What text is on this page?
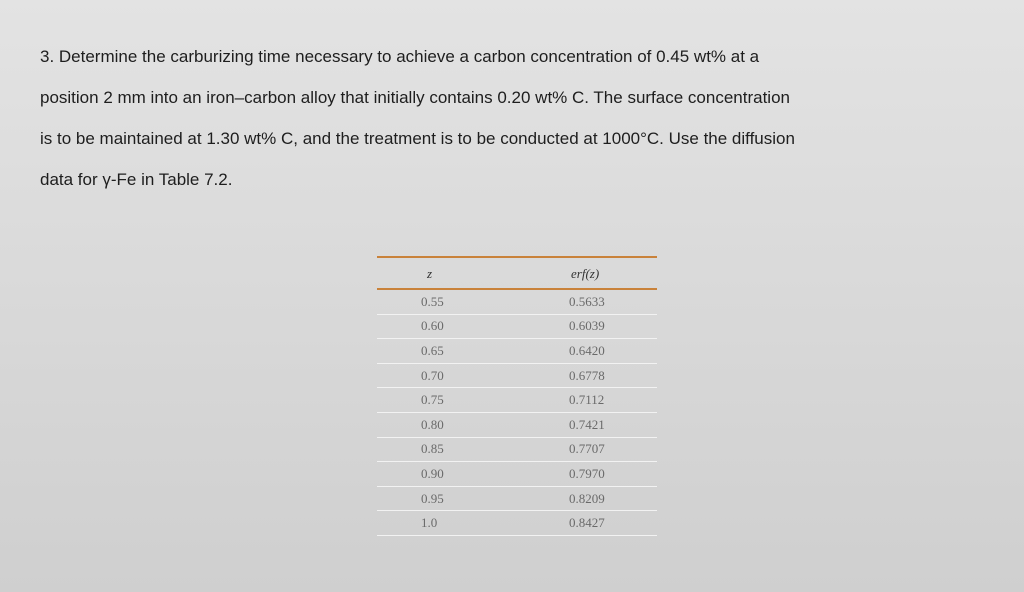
3. Determine the carburizing time necessary to achieve a carbon concentration of 0.45 wt% at a
position 2 mm into an iron–carbon alloy that initially contains 0.20 wt% C. The surface concentration
is to be maintained at 1.30 wt% C, and the treatment is to be conducted at 1000°C. Use the diffusion
data for γ-Fe in Table 7.2.
z	erf(z)
0.55	0.5633
0.60	0.6039
0.65	0.6420
0.70	0.6778
0.75	0.7112
0.80	0.7421
0.85	0.7707
0.90	0.7970
0.95	0.8209
1.0	0.8427
